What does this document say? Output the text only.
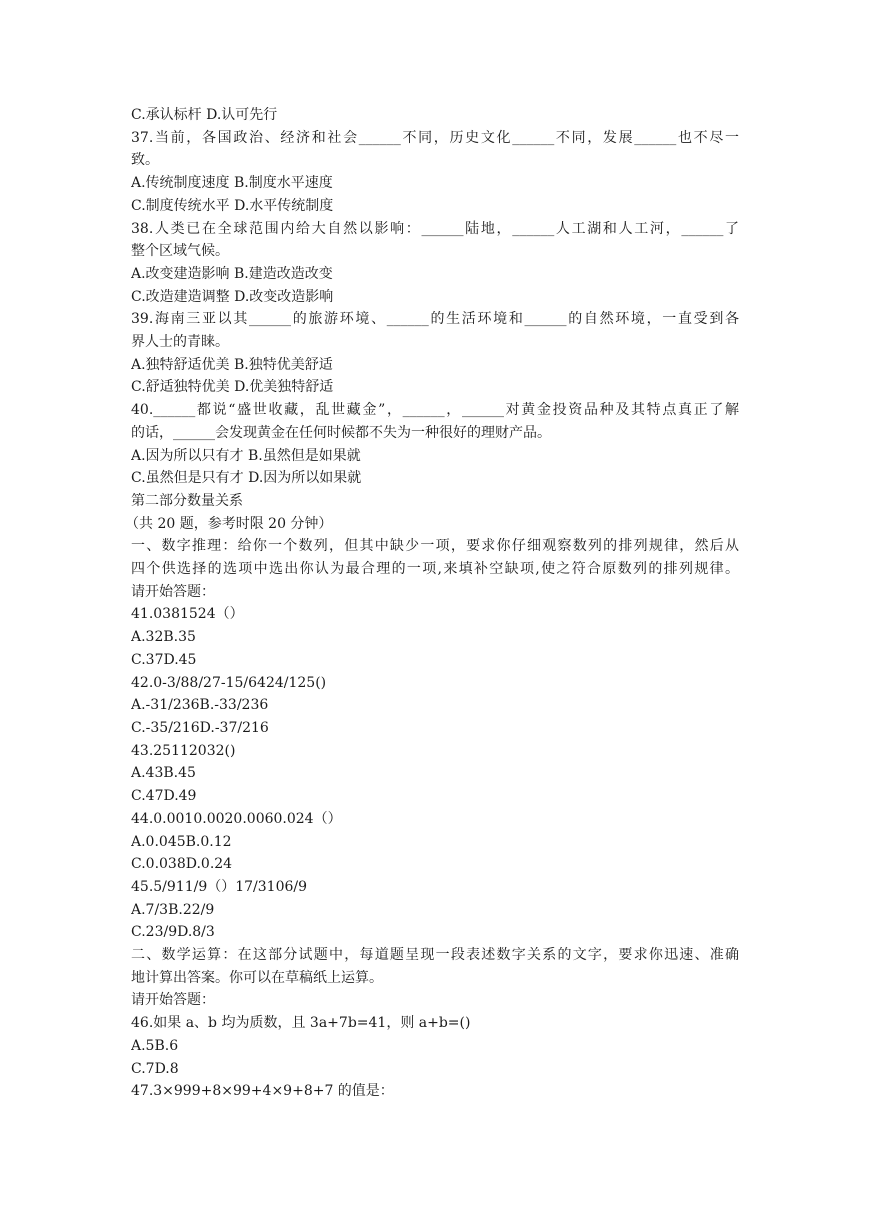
C.承认标杆 D.认可先行
37.当前，各国政治、经济和社会______不同，历史文化______不同，发展______也不尽一
致。
A.传统制度速度 B.制度水平速度
C.制度传统水平 D.水平传统制度
38.人类已在全球范围内给大自然以影响：______陆地，______人工湖和人工河，______了
整个区域气候。
A.改变建造影响 B.建造改造改变
C.改造建造调整 D.改变改造影响
39.海南三亚以其______的旅游环境、______的生活环境和______的自然环境，一直受到各
界人士的青睐。
A.独特舒适优美 B.独特优美舒适
C.舒适独特优美 D.优美独特舒适
40.______都说“盛世收藏，乱世藏金”，______，______对黄金投资品种及其特点真正了解
的话，______会发现黄金在任何时候都不失为一种很好的理财产品。
A.因为所以只有才 B.虽然但是如果就
C.虽然但是只有才 D.因为所以如果就
第二部分数量关系
（共 20 题，参考时限 20 分钟）
一、数字推理：给你一个数列，但其中缺少一项，要求你仔细观察数列的排列规律，然后从
四个供选择的选项中选出你认为最合理的一项,来填补空缺项,使之符合原数列的排列规律。
请开始答题：
41.0381524（）
A.32B.35
C.37D.45
42.0-3/88/27-15/6424/125()
A.-31/236B.-33/236
C.-35/216D.-37/216
43.25112032()
A.43B.45
C.47D.49
44.0.0010.0020.0060.024（）
A.0.045B.0.12
C.0.038D.0.24
45.5/911/9（）17/3106/9
A.7/3B.22/9
C.23/9D.8/3
二、数学运算：在这部分试题中，每道题呈现一段表述数字关系的文字，要求你迅速、准确
地计算出答案。你可以在草稿纸上运算。
请开始答题：
46.如果 a、b 均为质数，且 3a+7b=41，则 a+b=()
A.5B.6
C.7D.8
47.3×999+8×99+4×9+8+7 的值是：
